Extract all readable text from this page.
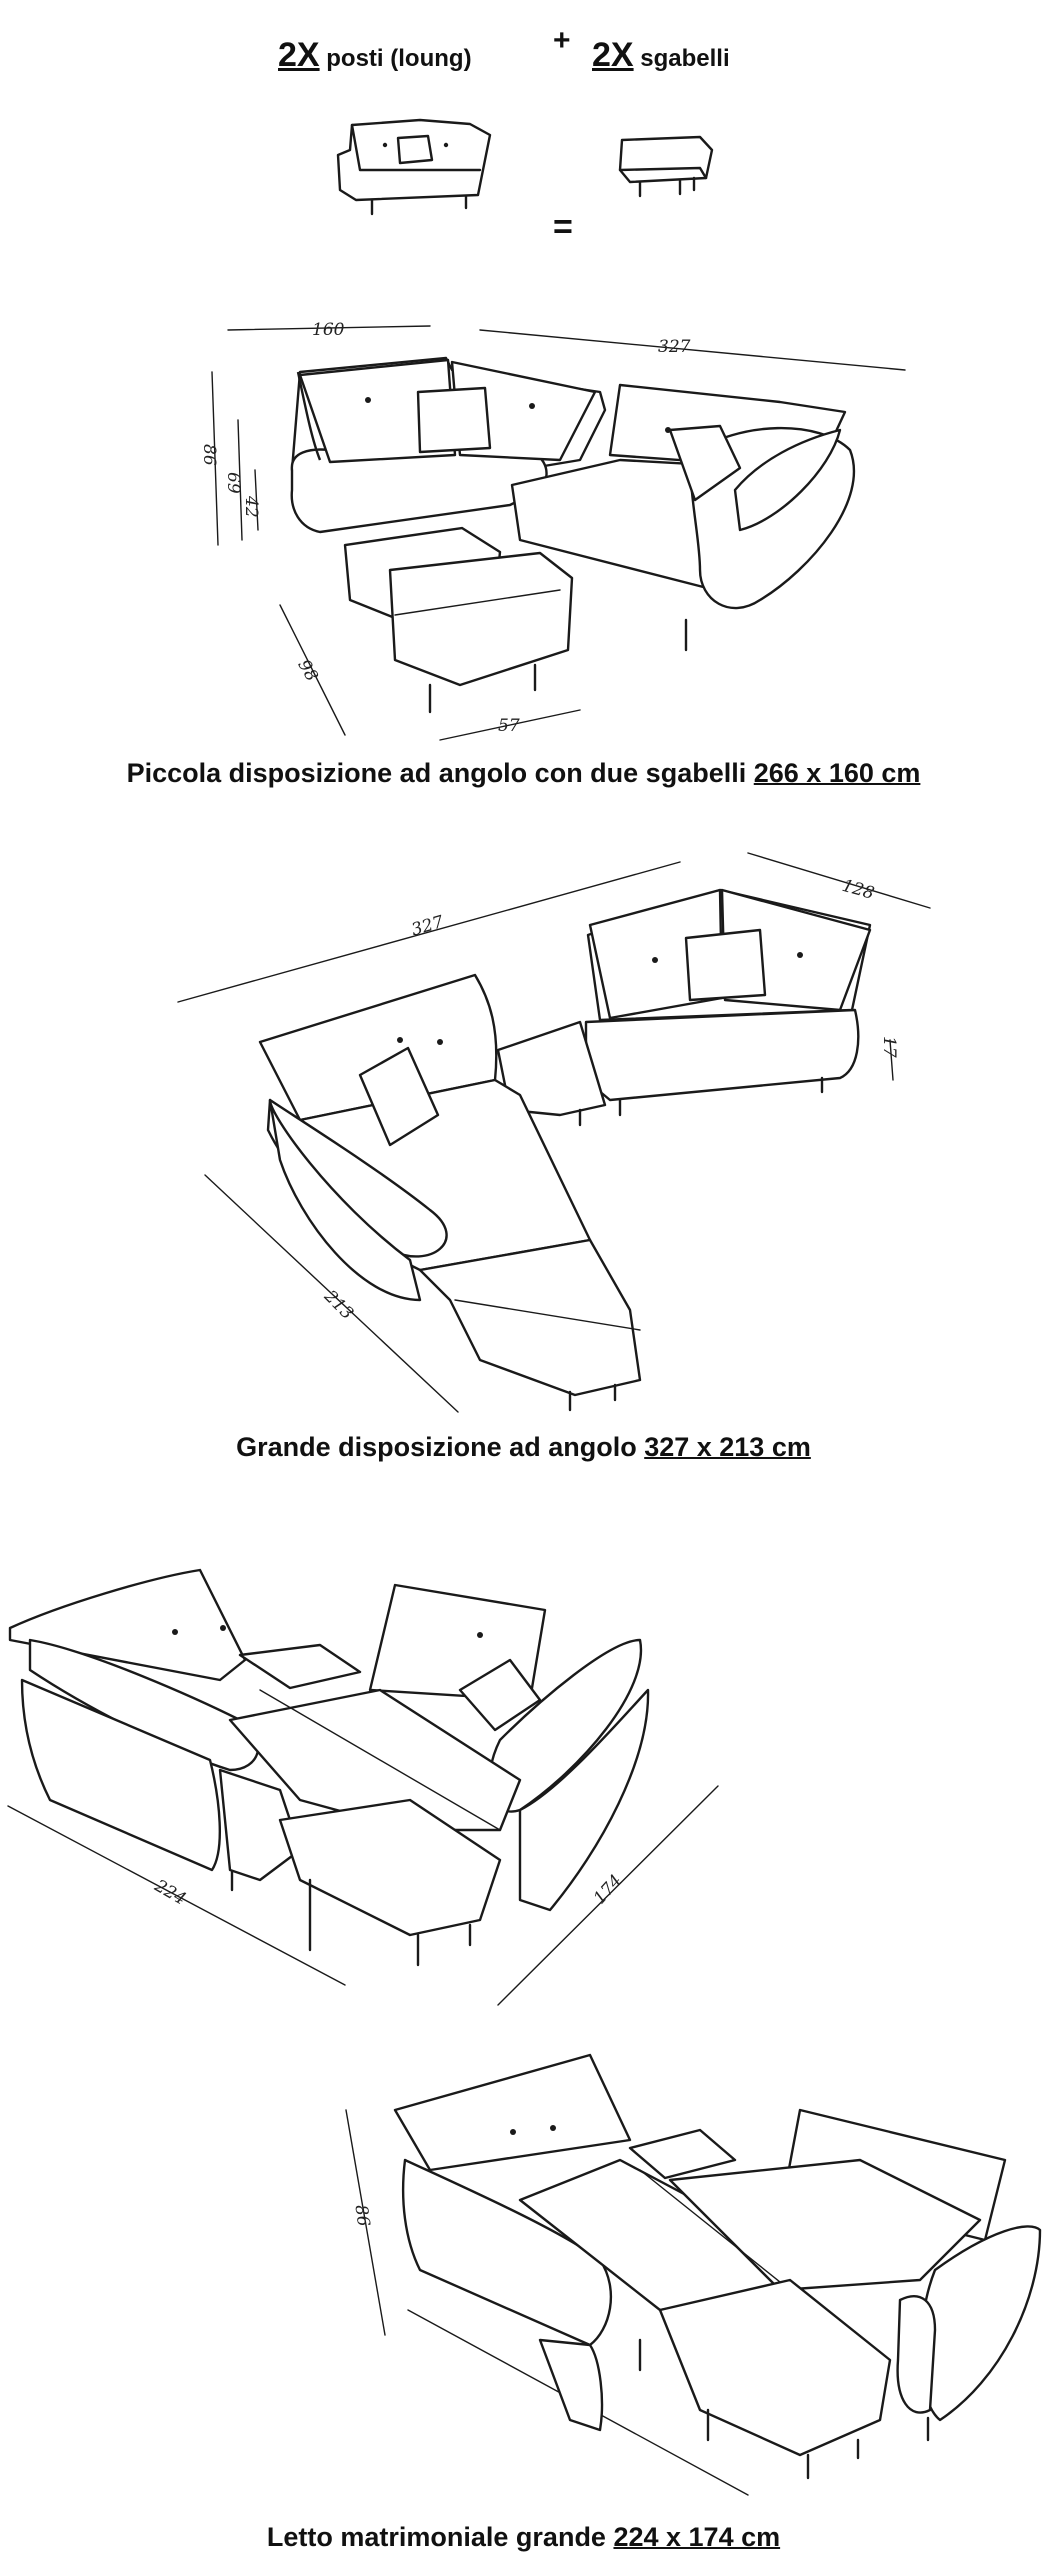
2X posti (loung)
+ 2X sgabelli
=
160
327
86
69
42
98
57
Piccola disposizione ad angolo con due sgabelli 266 x 160 cm
327
128
17
213
Grande disposizione ad angolo 327 x 213 cm
224	174
86
Letto matrimoniale grande 224 x 174 cm
